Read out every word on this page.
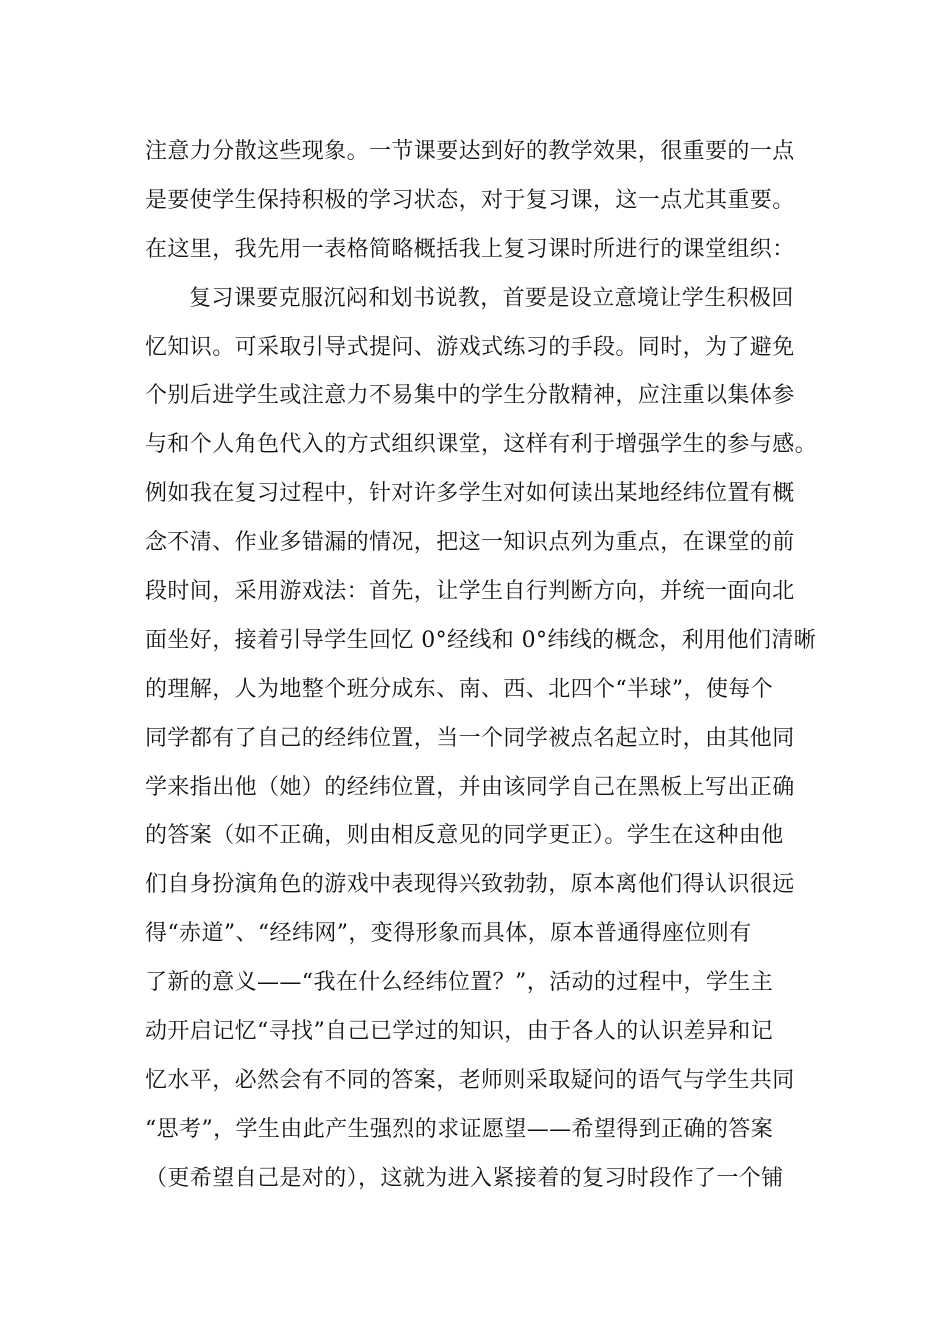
注意力分散这些现象。一节课要达到好的教学效果，很重要的一点
是要使学生保持积极的学习状态，对于复习课，这一点尤其重要。
在这里，我先用一表格简略概括我上复习课时所进行的课堂组织：
复习课要克服沉闷和划书说教，首要是设立意境让学生积极回
忆知识。可采取引导式提问、游戏式练习的手段。同时，为了避免
个别后进学生或注意力不易集中的学生分散精神，应注重以集体参
与和个人角色代入的方式组织课堂，这样有利于增强学生的参与感。
例如我在复习过程中，针对许多学生对如何读出某地经纬位置有概
念不清、作业多错漏的情况，把这一知识点列为重点，在课堂的前
段时间，采用游戏法：首先，让学生自行判断方向，并统一面向北
面坐好，接着引导学生回忆 0°经线和 0°纬线的概念，利用他们清晰
的理解，人为地整个班分成东、南、西、北四个“半球”，使每个
同学都有了自己的经纬位置，当一个同学被点名起立时，由其他同
学来指出他（她）的经纬位置，并由该同学自己在黑板上写出正确
的答案（如不正确，则由相反意见的同学更正）。学生在这种由他
们自身扮演角色的游戏中表现得兴致勃勃，原本离他们得认识很远
得“赤道”、“经纬网”，变得形象而具体，原本普通得座位则有
了新的意义——“我在什么经纬位置？”，活动的过程中，学生主
动开启记忆“寻找”自己已学过的知识，由于各人的认识差异和记
忆水平，必然会有不同的答案，老师则采取疑问的语气与学生共同
“思考”，学生由此产生强烈的求证愿望——希望得到正确的答案
（更希望自己是对的），这就为进入紧接着的复习时段作了一个铺
